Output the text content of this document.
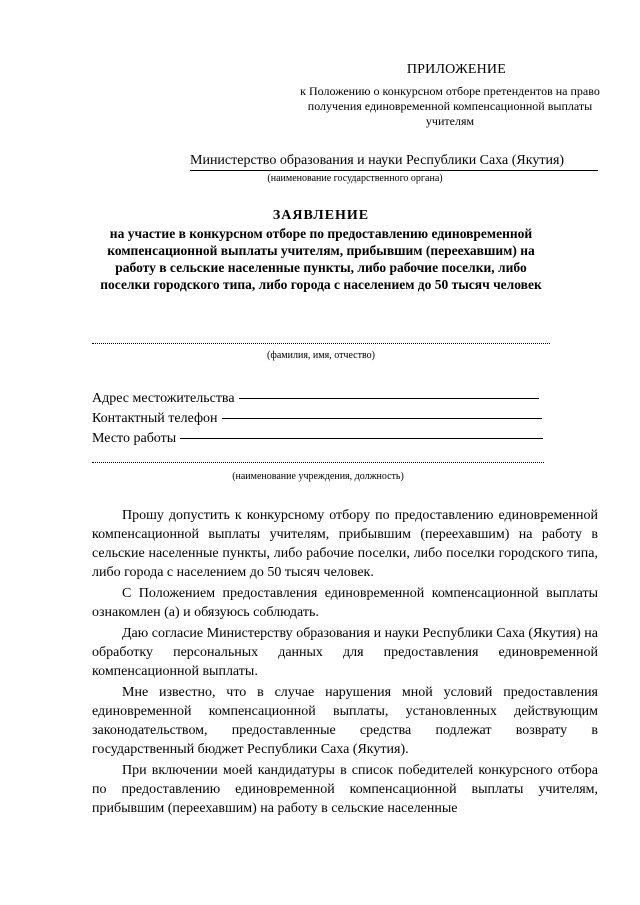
ПРИЛОЖЕНИЕ
к Положению о конкурсном отборе претендентов на право получения единовременной компенсационной выплаты учителям
Министерство образования и науки Республики Саха (Якутия)
(наименование государственного органа)
ЗАЯВЛЕНИЕ
на участие в конкурсном отборе по предоставлению единовременной компенсационной выплаты учителям, прибывшим (переехавшим) на работу в сельские населенные пункты, либо рабочие поселки, либо поселки городского типа, либо города с населением до 50 тысяч человек
(фамилия, имя, отчество)
Адрес местожительства
Контактный телефон
Место работы
(наименование учреждения, должность)

Прошу допустить к конкурсному отбору по предоставлению единовременной компенсационной выплаты учителям, прибывшим (переехавшим) на работу в сельские населенные пункты, либо рабочие поселки, либо поселки городского типа, либо города с населением до 50 тысяч человек.

С Положением предоставления единовременной компенсационной выплаты ознакомлен (а) и обязуюсь соблюдать.

Даю согласие Министерству образования и науки Республики Саха (Якутия) на обработку персональных данных для предоставления единовременной компенсационной выплаты.

Мне известно, что в случае нарушения мной условий предоставления единовременной компенсационной выплаты, установленных действующим законодательством, предоставленные средства подлежат возврату в государственный бюджет Республики Саха (Якутия).

При включении моей кандидатуры в список победителей конкурсного отбора по предоставлению единовременной компенсационной выплаты учителям, прибывшим (переехавшим) на работу в сельские населенные
